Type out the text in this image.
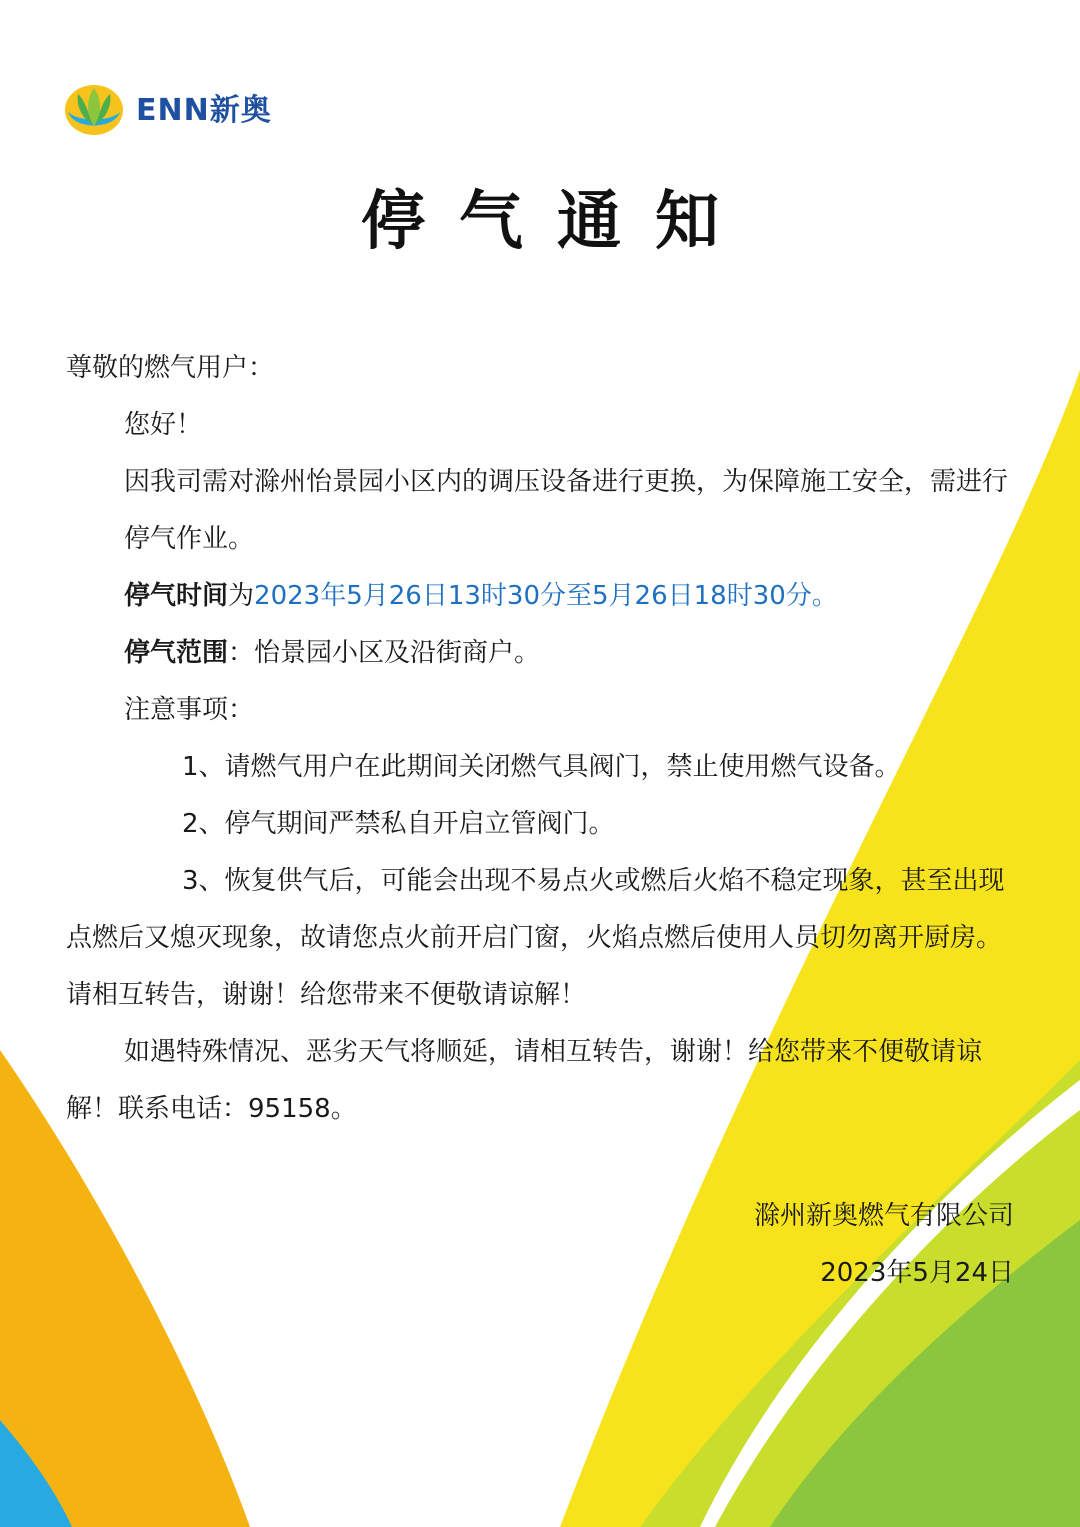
ENN新奥
停气通知
尊敬的燃气用户：
您好！
因我司需对滁州怡景园小区内的调压设备进行更换，为保障施工安全，需进行停气作业。
停气时间为2023年5月26日13时30分至5月26日18时30分。
停气范围：怡景园小区及沿街商户。
注意事项：
1、请燃气用户在此期间关闭燃气具阀门，禁止使用燃气设备。
2、停气期间严禁私自开启立管阀门。
3、恢复供气后，可能会出现不易点火或燃后火焰不稳定现象，甚至出现点燃后又熄灭现象，故请您点火前开启门窗，火焰点燃后使用人员切勿离开厨房。请相互转告，谢谢！给您带来不便敬请谅解！
如遇特殊情况、恶劣天气将顺延，请相互转告，谢谢！给您带来不便敬请谅解！联系电话：95158。
滁州新奥燃气有限公司
2023年5月24日
